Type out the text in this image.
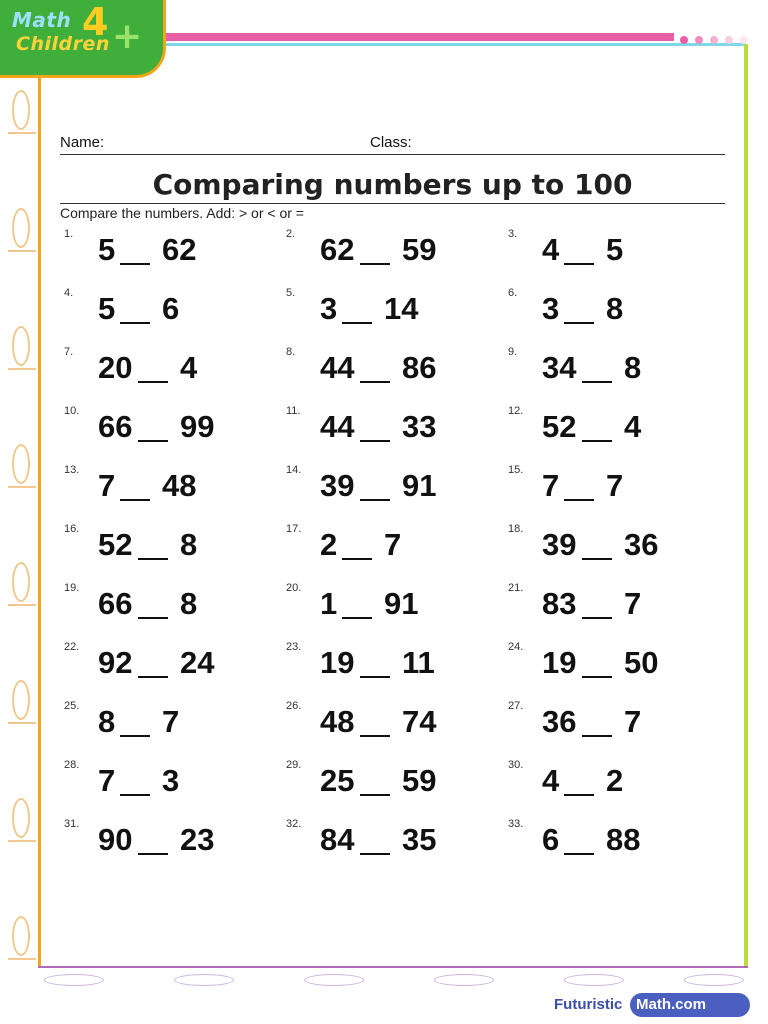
Math 4
Children +
Futuristic Math.com
Name:	Class:
Comparing numbers up to 100
Compare the numbers. Add: > or < or =
1. 5 62	2. 62 59	3. 4 5
4. 5 6	5. 3 14	6. 3 8
7. 20 4	8. 44 86	9. 34 8
10. 66 99	11. 44 33	12. 52 4
13. 7 48	14. 39 91	15. 7 7
16. 52 8	17. 2 7	18. 39 36
19. 66 8	20. 1 91	21. 83 7
22. 92 24	23. 19 11	24. 19 50
25. 8 7	26. 48 74	27. 36 7
28. 7 3	29. 25 59	30. 4 2
31. 90 23	32. 84 35	33. 6 88
